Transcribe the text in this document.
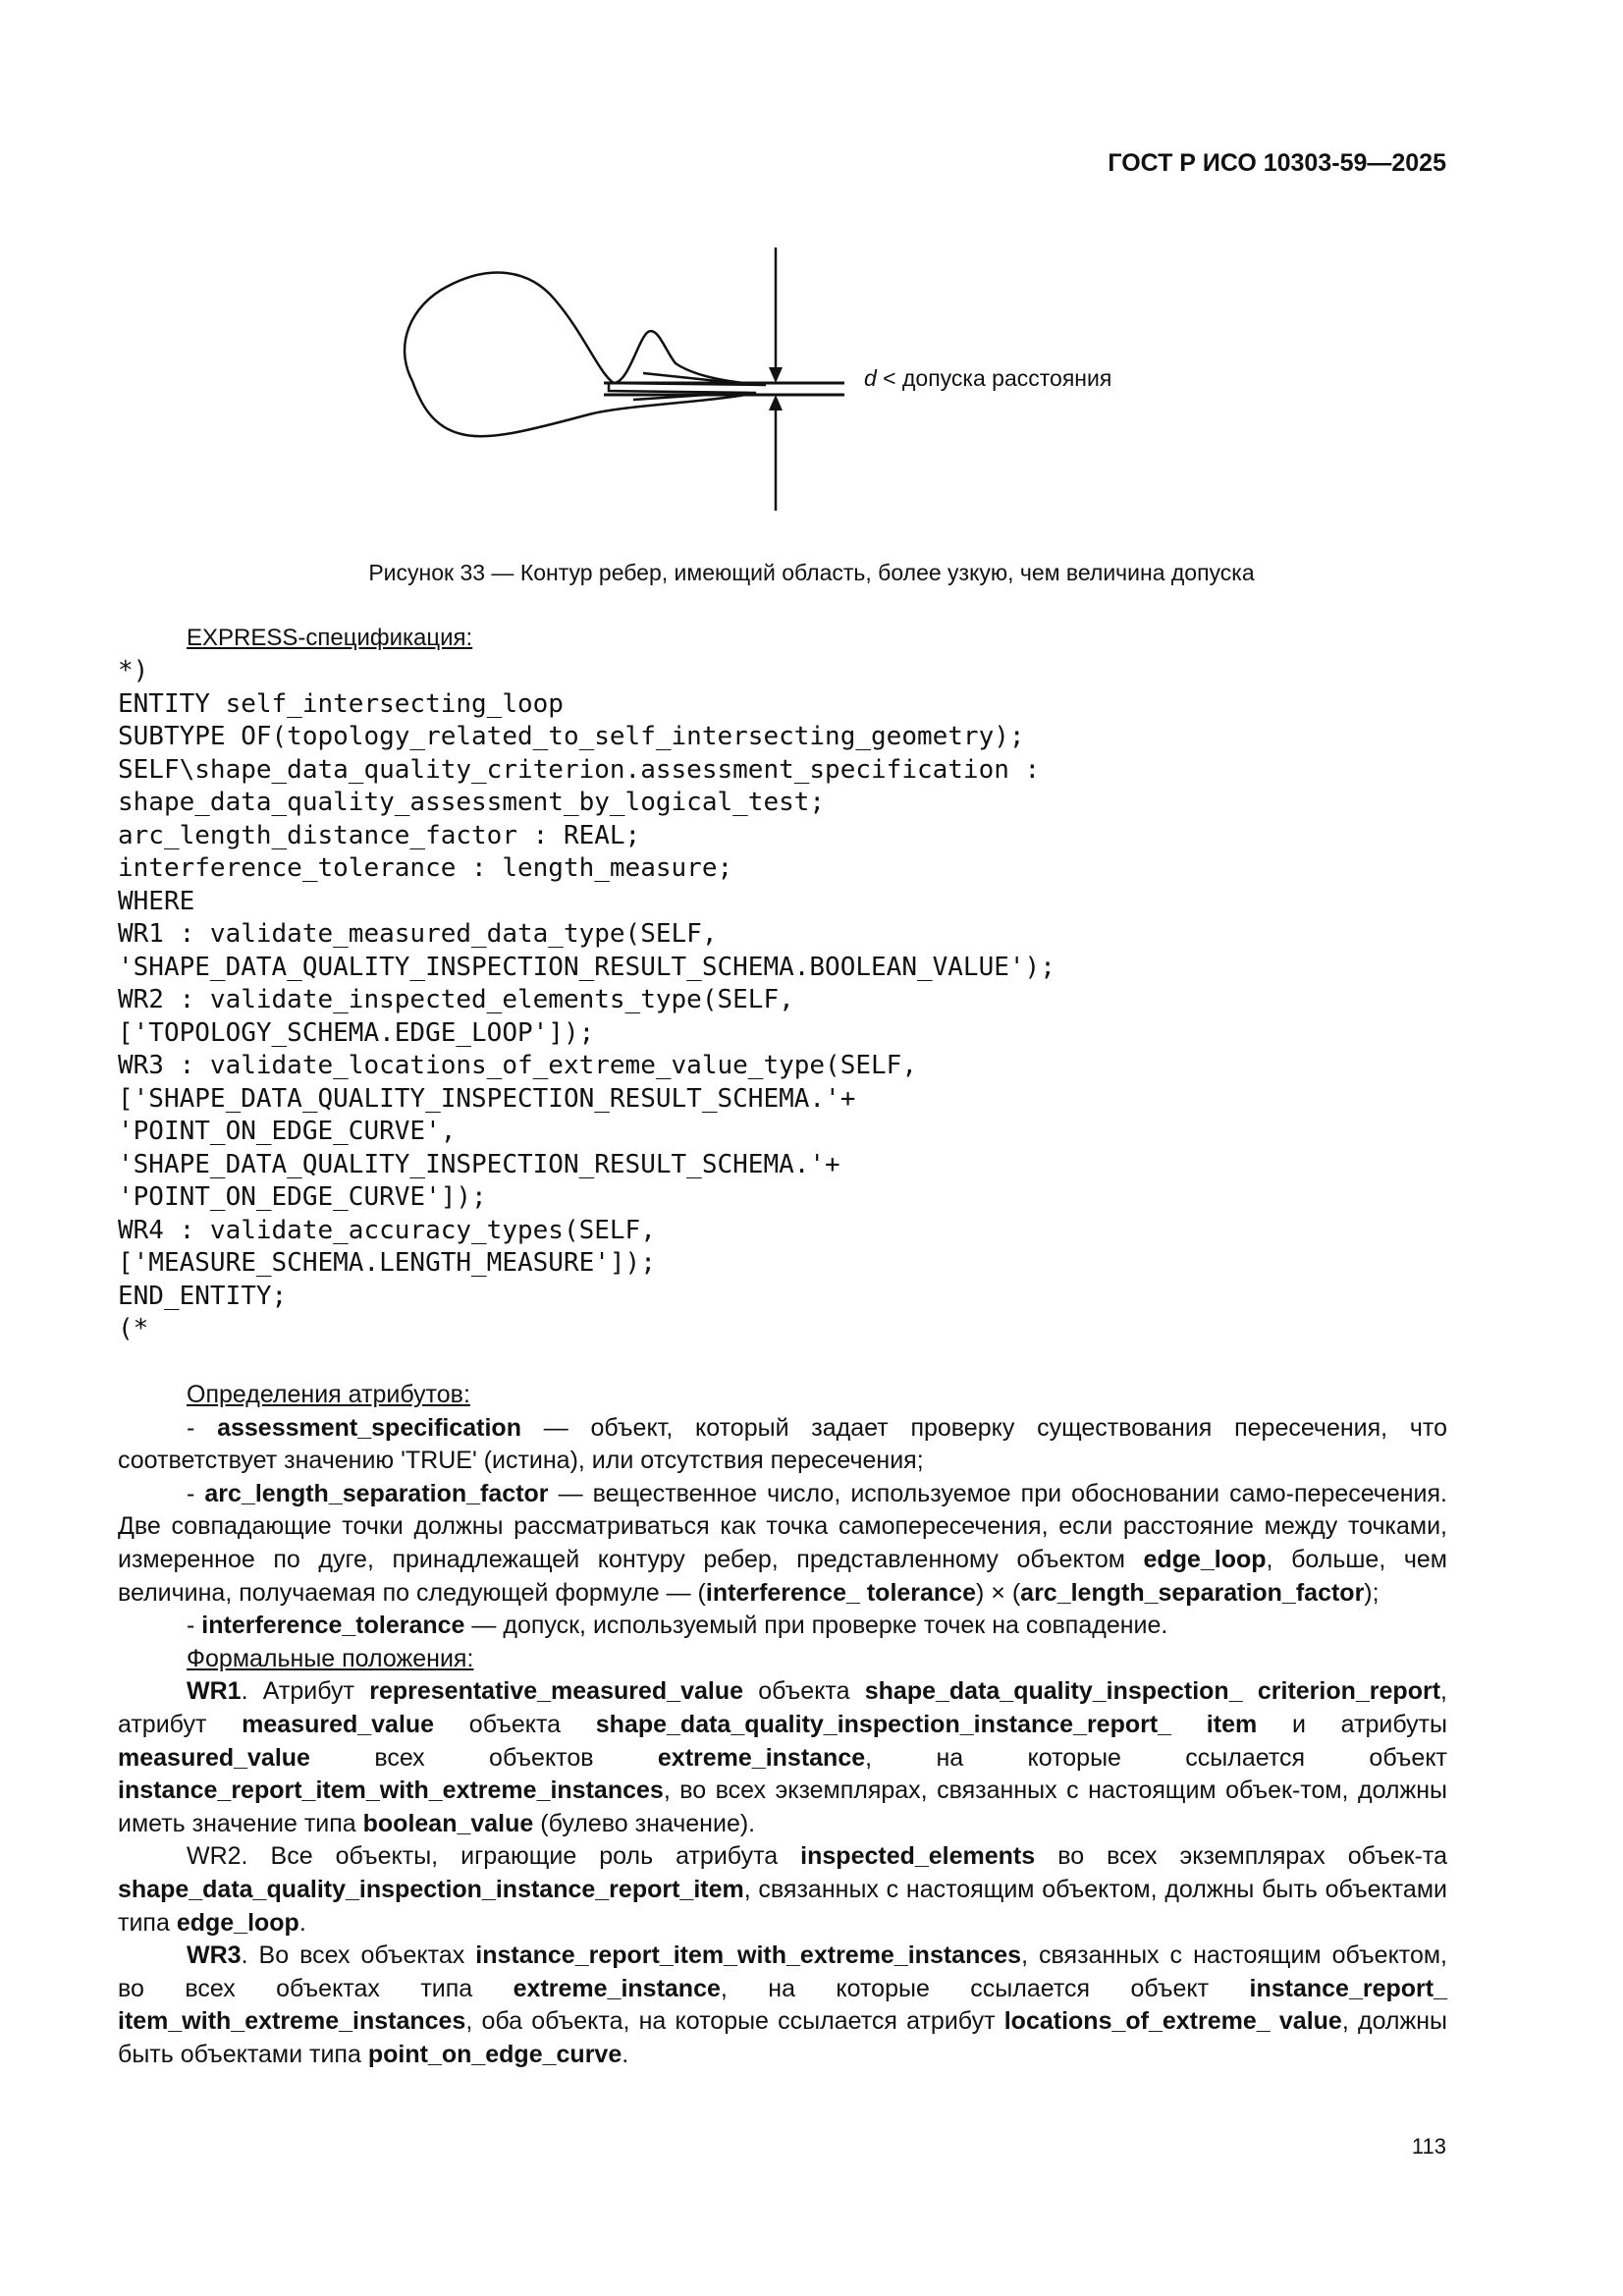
ГОСТ Р ИСО 10303-59—2025
d < допуска расстояния
Рисунок 33 — Контур ребер, имеющий область, более узкую, чем величина допуска
EXPRESS-спецификация:
*)
ENTITY self_intersecting_loop
SUBTYPE OF(topology_related_to_self_intersecting_geometry);
SELF\shape_data_quality_criterion.assessment_specification :
shape_data_quality_assessment_by_logical_test;
arc_length_distance_factor : REAL;
interference_tolerance : length_measure;
WHERE
WR1 : validate_measured_data_type(SELF,
'SHAPE_DATA_QUALITY_INSPECTION_RESULT_SCHEMA.BOOLEAN_VALUE');
WR2 : validate_inspected_elements_type(SELF,
['TOPOLOGY_SCHEMA.EDGE_LOOP']);
WR3 : validate_locations_of_extreme_value_type(SELF,
['SHAPE_DATA_QUALITY_INSPECTION_RESULT_SCHEMA.'+
'POINT_ON_EDGE_CURVE',
'SHAPE_DATA_QUALITY_INSPECTION_RESULT_SCHEMA.'+
'POINT_ON_EDGE_CURVE']);
WR4 : validate_accuracy_types(SELF,
['MEASURE_SCHEMA.LENGTH_MEASURE']);
END_ENTITY;
(*

Определения атрибутов:

- assessment_specification — объект, который задает проверку существования пересечения, что соответствует значению 'TRUE' (истина), или отсутствия пересечения;

- arc_length_separation_factor — вещественное число, используемое при обосновании само-пересечения. Две совпадающие точки должны рассматриваться как точка самопересечения, если расстояние между точками, измеренное по дуге, принадлежащей контуру ребер, представленному объектом edge_loop, больше, чем величина, получаемая по следующей формуле — (interference_ tolerance) × (arc_length_separation_factor);

- interference_tolerance — допуск, используемый при проверке точек на совпадение.

Формальные положения:

WR1. Атрибут representative_measured_value объекта shape_data_quality_inspection_ criterion_report, атрибут measured_value объекта shape_data_quality_inspection_instance_report_ item и атрибуты measured_value всех объектов extreme_instance, на которые ссылается объект instance_report_item_with_extreme_instances, во всех экземплярах, связанных с настоящим объек-том, должны иметь значение типа boolean_value (булево значение).

WR2. Все объекты, играющие роль атрибута inspected_elements во всех экземплярах объек-та shape_data_quality_inspection_instance_report_item, связанных с настоящим объектом, должны быть объектами типа edge_loop.

WR3. Во всех объектах instance_report_item_with_extreme_instances, связанных с настоящим объектом, во всех объектах типа extreme_instance, на которые ссылается объект instance_report_ item_with_extreme_instances, оба объекта, на которые ссылается атрибут locations_of_extreme_ value, должны быть объектами типа point_on_edge_curve.

113
